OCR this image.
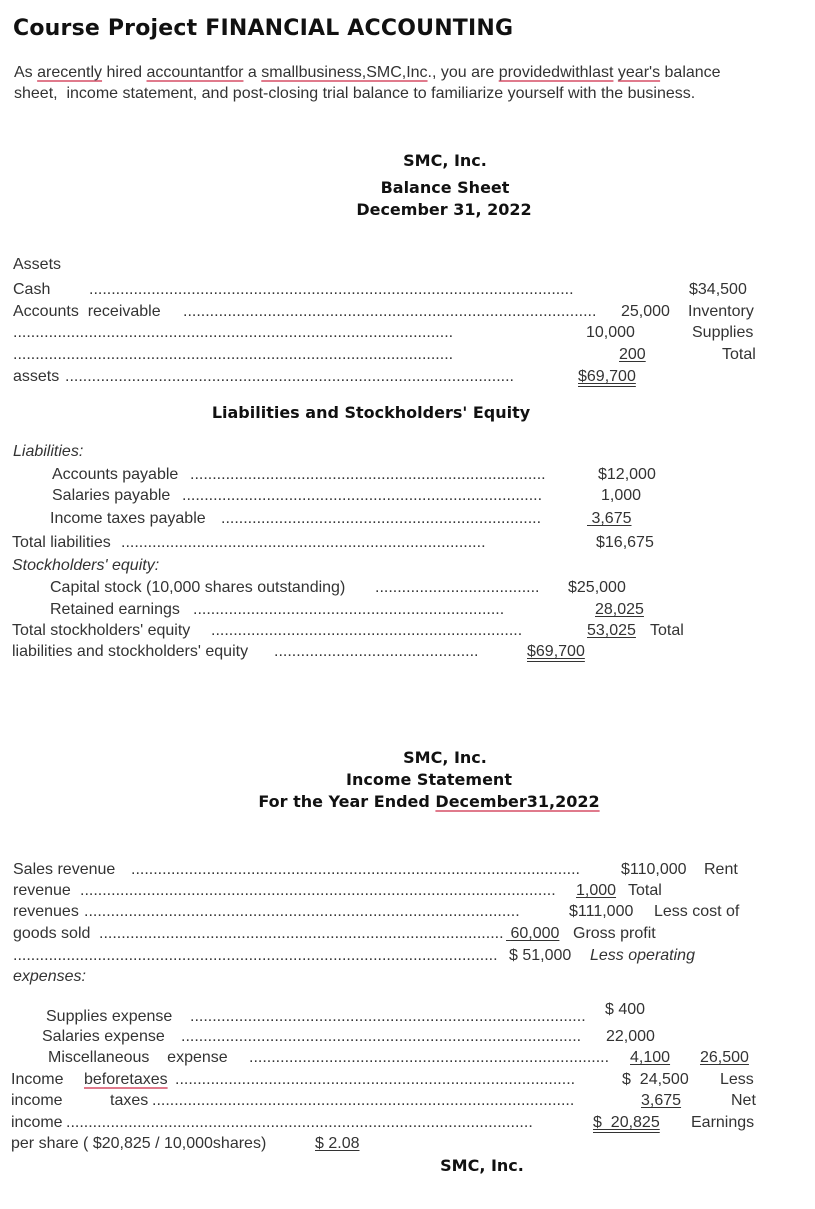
Course Project FINANCIAL ACCOUNTING
As arecently hired accountantfor a smallbusiness,SMC,Inc., you are providedwithlast year's balance
sheet,  income statement, and post-closing trial balance to familiarize yourself with the business.
SMC, Inc.
Balance Sheet
December 31, 2022
Assets
Cash .............................................................................................................	$34,500
Accounts  receivable .............................................................................................	25,000 Inventory
...................................................................................................	10,000	Supplies
...................................................................................................	200	Total
assets .....................................................................................................	$69,700
Liabilities and Stockholders' Equity
Liabilities:
Accounts payable ................................................................................	$12,000
Salaries payable .................................................................................	1,000
Income taxes payable ........................................................................	3,675
Total liabilities ..................................................................................	$16,675
Stockholders' equity:
Capital stock (10,000 shares outstanding) .....................................	$25,000
Retained earnings ......................................................................	28,025
Total stockholders' equity ......................................................................	53,025 Total
liabilities and stockholders' equity ..............................................	$69,700
SMC, Inc.
Income Statement
For the Year Ended December31,2022
Sales revenue .....................................................................................................	$110,000 Rent
revenue ...........................................................................................................	1,000 Total
revenues ..................................................................................................	$111,000 Less cost of
goods sold ........................................................................................... 60,000 Gross profit
............................................................................................................. $ 51,000 Less operating
expenses:
Supplies expense .........................................................................................	$ 400
Salaries expense ..........................................................................................	22,000
Miscellaneous    expense ................................................................................. 4,100 26,500
Income beforetaxes ..........................................................................................	$  24,500 Less
income	taxes ...............................................................................................	3,675	Net
income .........................................................................................................	$  20,825 Earnings
per share ( $20,825 / 10,000shares)	$ 2.08
SMC, Inc.
